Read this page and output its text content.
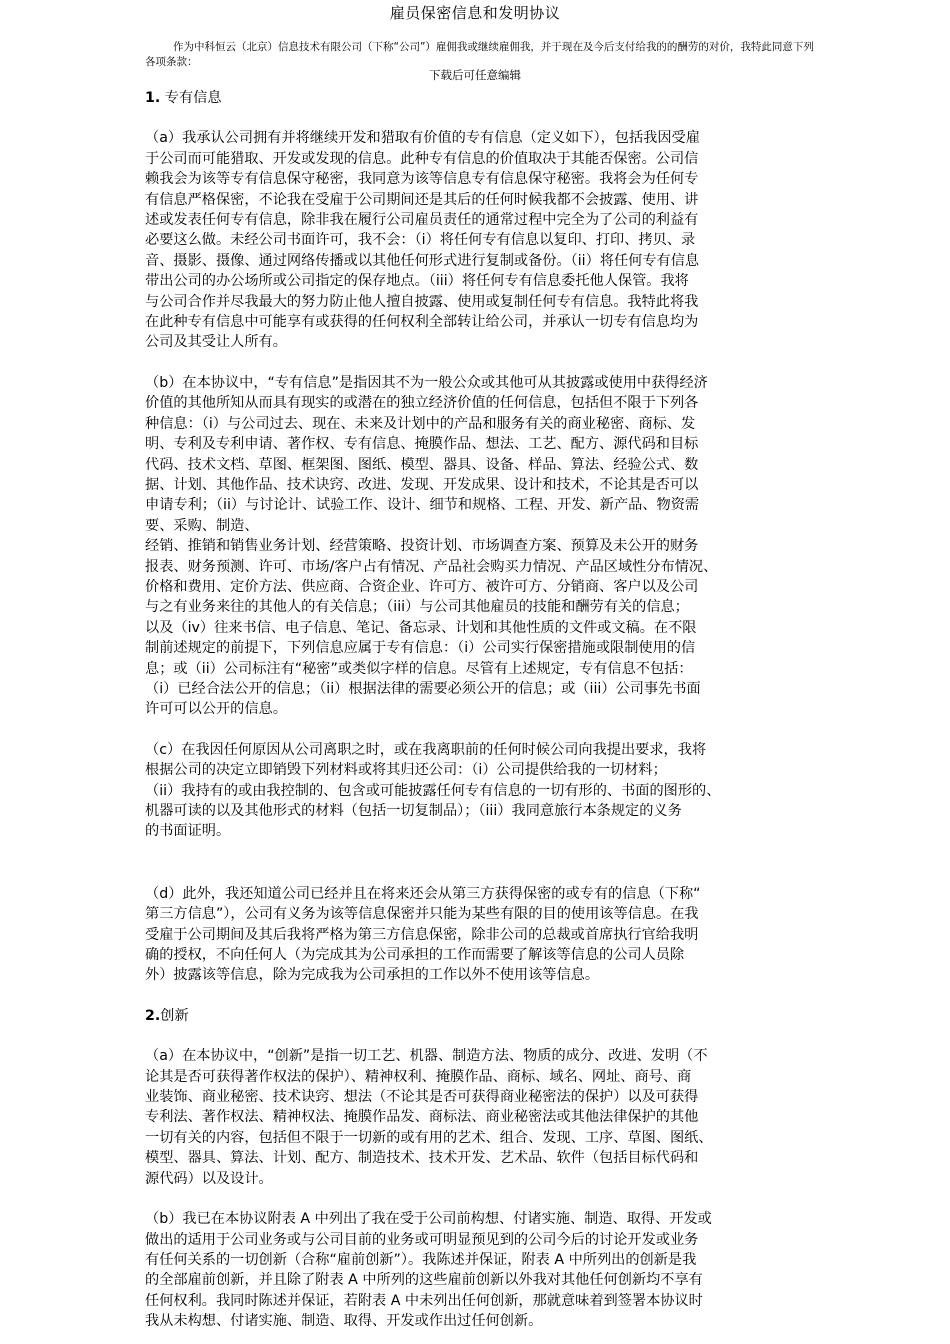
雇员保密信息和发明协议
作为中科恒云（北京）信息技术有限公司（下称“公司”）雇佣我或继续雇佣我，并于现在及今后支付给我的的酬劳的对价，我特此同意下列各项条款：
下载后可任意编辑
1. 专有信息

（a）我承认公司拥有并将继续开发和猎取有价值的专有信息（定义如下），包括我因受雇
于公司而可能猎取、开发或发现的信息。此种专有信息的价值取决于其能否保密。公司信
赖我会为该等专有信息保守秘密，我同意为该等信息专有信息保守秘密。我将会为任何专
有信息严格保密，不论我在受雇于公司期间还是其后的任何时候我都不会披露、使用、讲
述或发表任何专有信息，除非我在履行公司雇员责任的通常过程中完全为了公司的利益有
必要这么做。未经公司书面许可，我不会：（i）将任何专有信息以复印、打印、拷贝、录
音、摄影、摄像、通过网络传播或以其他任何形式进行复制或备份。（ii）将任何专有信息
带出公司的办公场所或公司指定的保存地点。（iii）将任何专有信息委托他人保管。我将
与公司合作并尽我最大的努力防止他人擅自披露、使用或复制任何专有信息。我特此将我
在此种专有信息中可能享有或获得的任何权利全部转让给公司，并承认一切专有信息均为
公司及其受让人所有。

（b）在本协议中，“专有信息”是指因其不为一般公众或其他可从其披露或使用中获得经济
价值的其他所知从而具有现实的或潜在的独立经济价值的任何信息，包括但不限于下列各
种信息：（i）与公司过去、现在、未来及计划中的产品和服务有关的商业秘密、商标、发
明、专利及专利申请、著作权、专有信息、掩膜作品、想法、工艺、配方、源代码和目标
代码、技术文档、草图、框架图、图纸、模型、器具、设备、样品、算法、经验公式、数
据、计划、其他作品、技术诀窍、改进、发现、开发成果、设计和技术，不论其是否可以
申请专利；（ii）与讨论计、试验工作、设计、细节和规格、工程、开发、新产品、物资需
要、采购、制造、
经销、推销和销售业务计划、经营策略、投资计划、市场调查方案、预算及未公开的财务
报表、财务预测、许可、市场/客户占有情况、产品社会购买力情况、产品区域性分布情况、
价格和费用、定价方法、供应商、合资企业、许可方、被许可方、分销商、客户以及公司
与之有业务来往的其他人的有关信息；（iii）与公司其他雇员的技能和酬劳有关的信息；
以及（iv）往来书信、电子信息、笔记、备忘录、计划和其他性质的文件或文稿。在不限
制前述规定的前提下，下列信息应属于专有信息：（i）公司实行保密措施或限制使用的信
息；或（ii）公司标注有“秘密”或类似字样的信息。尽管有上述规定，专有信息不包括：
（i）已经合法公开的信息；（ii）根据法律的需要必须公开的信息；或（iii）公司事先书面
许可可以公开的信息。

（c）在我因任何原因从公司离职之时，或在我离职前的任何时候公司向我提出要求，我将
根据公司的决定立即销毁下列材料或将其归还公司：（i）公司提供给我的一切材料；
（ii）我持有的或由我控制的、包含或可能披露任何专有信息的一切有形的、书面的图形的、
机器可读的以及其他形式的材料（包括一切复制品）；（iii）我同意旅行本条规定的义务
的书面证明。

（d）此外，我还知道公司已经并且在将来还会从第三方获得保密的或专有的信息（下称“
第三方信息”），公司有义务为该等信息保密并只能为某些有限的目的使用该等信息。在我
受雇于公司期间及其后我将严格为第三方信息保密，除非公司的总裁或首席执行官给我明
确的授权，不向任何人（为完成其为公司承担的工作而需要了解该等信息的公司人员除
外）披露该等信息，除为完成我为公司承担的工作以外不使用该等信息。

2.创新

（a）在本协议中，“创新”是指一切工艺、机器、制造方法、物质的成分、改进、发明（不
论其是否可获得著作权法的保护）、精神权利、掩膜作品、商标、域名、网址、商号、商
业装饰、商业秘密、技术诀窍、想法（不论其是否可获得商业秘密法的保护）以及可获得
专利法、著作权法、精神权法、掩膜作品发、商标法、商业秘密法或其他法律保护的其他
一切有关的内容，包括但不限于一切新的或有用的艺术、组合、发现、工序、草图、图纸、
模型、器具、算法、计划、配方、制造技术、技术开发、艺术品、软件（包括目标代码和
源代码）以及设计。

（b）我已在本协议附表 A 中列出了我在受于公司前构想、付诸实施、制造、取得、开发或
做出的适用于公司业务或与公司目前的业务或可明显预见到的公司今后的讨论开发或业务
有任何关系的一切创新（合称“雇前创新”）。我陈述并保证，附表 A 中所列出的创新是我
的全部雇前创新，并且除了附表 A 中所列的这些雇前创新以外我对其他任何创新均不享有
任何权利。我同时陈述并保证，若附表 A 中未列出任何创新，那就意味着到签署本协议时
我从未构想、付诸实施、制造、取得、开发或作出过任何创新。
